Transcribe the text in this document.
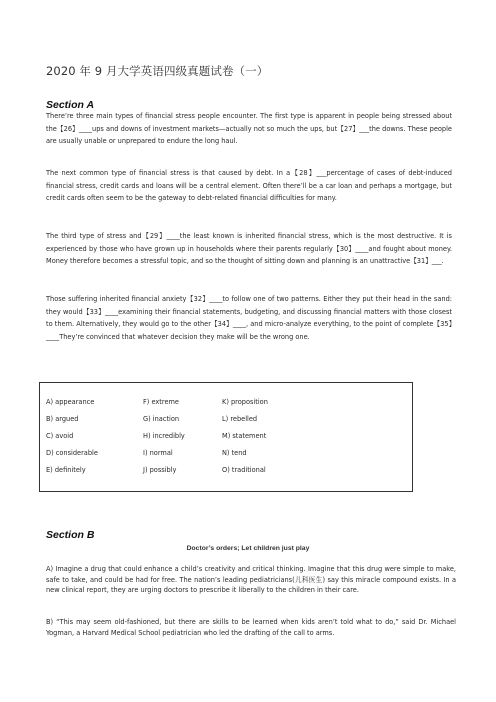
2020 年 9 月大学英语四级真题试卷（一）
Section A

There’re three main types of financial stress people encounter. The first type is apparent in people being stressed about the【26】____ups and downs of investment markets—actually not so much the ups, but【27】___the downs. These people are usually unable or unprepared to endure the long haul.

The next common type of financial stress is that caused by debt. In a【28】___percentage of cases of debt-induced financial stress, credit cards and loans will be a central element. Often there’ll be a car loan and perhaps a mortgage, but credit cards often seem to be the gateway to debt-related financial difficulties for many.

The third type of stress and【29】____the least known is inherited financial stress, which is the most destructive. It is experienced by those who have grown up in households where their parents regularly【30】____and fought about money. Money therefore becomes a stressful topic, and so the thought of sitting down and planning is an unattractive【31】___.

Those suffering inherited financial anxiety【32】____to follow one of two patterns. Either they put their head in the sand: they would【33】____examining their financial statements, budgeting, and discussing financial matters with those closest to them. Alternatively, they would go to the other【34】____, and micro-analyze everything, to the point of complete【35】____They’re convinced that whatever decision they make will be the wrong one.

A) appearance	F) extreme	K) proposition
B) argued	G) inaction	L) rebelled
C) avoid	H) incredibly	M) statement
D) considerable	I) normal	N) tend
E) definitely	J) possibly	O) traditional
Section B
Doctor’s orders; Let children just play

A) Imagine a drug that could enhance a child’s creativity and critical thinking. Imagine that this drug were simple to make, safe to take, and could be had for free. The nation’s leading pediatricians(儿科医生) say this miracle compound exists. In a new clinical report, they are urging doctors to prescribe it liberally to the children in their care.

B) “This may seem old-fashioned, but there are skills to be learned when kids aren’t told what to do,” said Dr. Michael Yogman, a Harvard Medical School pediatrician who led the drafting of the call to arms.
